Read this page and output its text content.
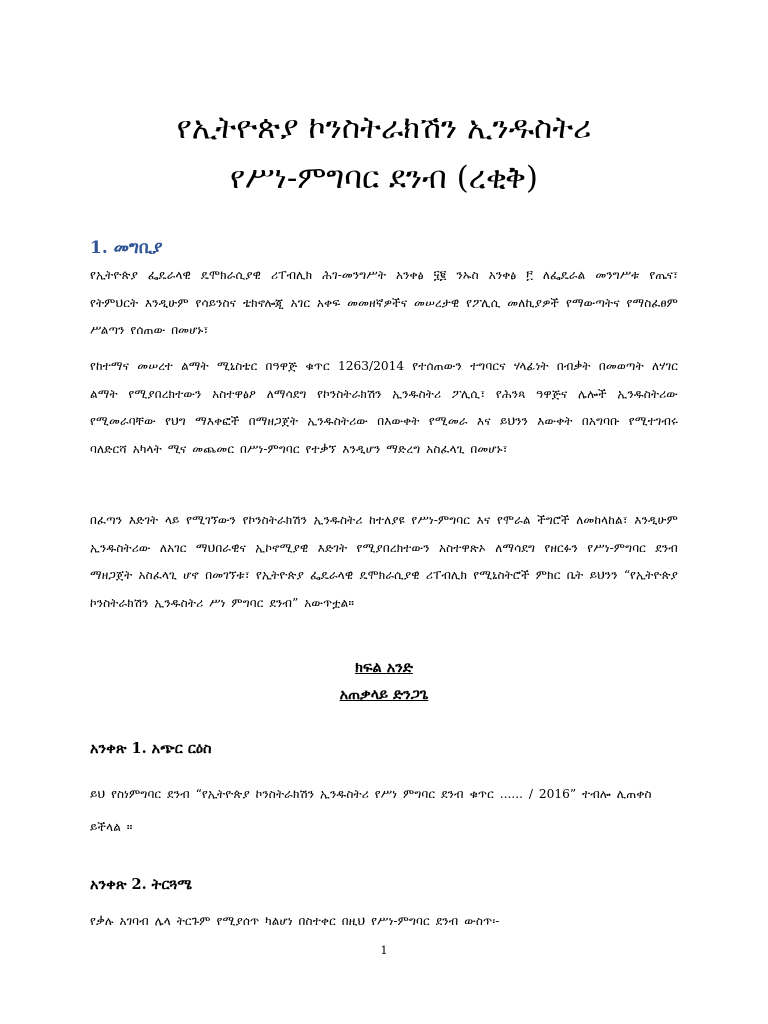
የኢትዮጵያ ኮንስትራክሽን ኢንዱስትሪ
የሥነ-ምግባር ደንብ (ረቂቅ)
1. መግቢያ

የኢትዮጵያ ፌዴራላዊ ዴሞክራሲያዊ ሪፐብሊክ ሕገ-መንግሥት አንቀፅ ፶፪ ንኡስ አንቀፅ ፫ ለፌዴራል መንግሥቱ የጤና፣ የትምህርት እንዲሁም የሳይንስና ቴክኖሎጂ አገር አቀፍ መመዘኛዎችና መሠረታዊ የፖሊሲ መለኪያዎች የማውጣትና የማስፈፀም ሥልጣን የሰጠው በመሆኑ፣

የከተማና መሠረተ ልማት ሚኒስቴር በዓዋጅ ቁጥር 1263/2014 የተሰጠውን ተግባርና ሃላፊነት በብቃት በመወጣት ለሃገር ልማት የሚያበረክተውን አስተዋፅዖ ለማሳደግ የኮንስትራክሽን ኢንዱስትሪ ፖሊሲ፣ የሕንጻ ዓዋጅና ሌሎች ኢንዱስትሪው የሚመራባቸው የህግ ማእቀፎች በማዘጋጀት ኢንዱስትሪው በእውቀት የሚመራ እና ይህንን እውቀት በአግባቡ የሚተገብሩ ባለድርሻ አካላት ሚና መጨመር በሥነ-ምግባር የተቃኘ እንዲሆን ማድረግ አስፈላጊ በመሆኑ፣

በፈጣን እድገት ላይ የሚገኘውን የኮንስትራክሽን ኢንዱስትሪ ከተለያዩ የሥነ-ምግባር እና የሞራል ችግሮች ለመከላከል፣ እንዲሁም ኢንዱስትሪው ለአገር ማህበራዊና ኢኮኖሚያዊ እድገት የሚያበረክተውን አስተዋጽኦ ለማሳደግ የዘርፉን የሥነ-ምግባር ደንብ ማዘጋጀት አስፈላጊ ሆኖ በመገኘቱ፣ የኢትዮጵያ ፌዴራላዊ ዴሞክራሲያዊ ሪፐብሊክ የሚኒስትሮች ምክር ቤት ይህንን “የኢትዮጵያ ኮንስትራክሽን ኢንዱስትሪ ሥነ ምግባር ደንብ” አውጥቷል።

ክፍል አንድ

አጠቃላይ ድንጋጌ

አንቀጽ 1. አጭር ርዕስ

ይህ የስነምግባር ደንብ “የኢትዮጵያ ኮንስትራክሽን ኢንዱስትሪ የሥነ ምግባር ደንብ ቁጥር ...... / 2016” ተብሎ ሊጠቀስ ይችላል ።

አንቀጽ 2. ትርጓሜ

የቃሉ አገባብ ሌላ ትርጉም የሚያሰጥ ካልሆነ በስተቀር በዚህ የሥነ-ምግባር ደንብ ውስጥ፡-

1
